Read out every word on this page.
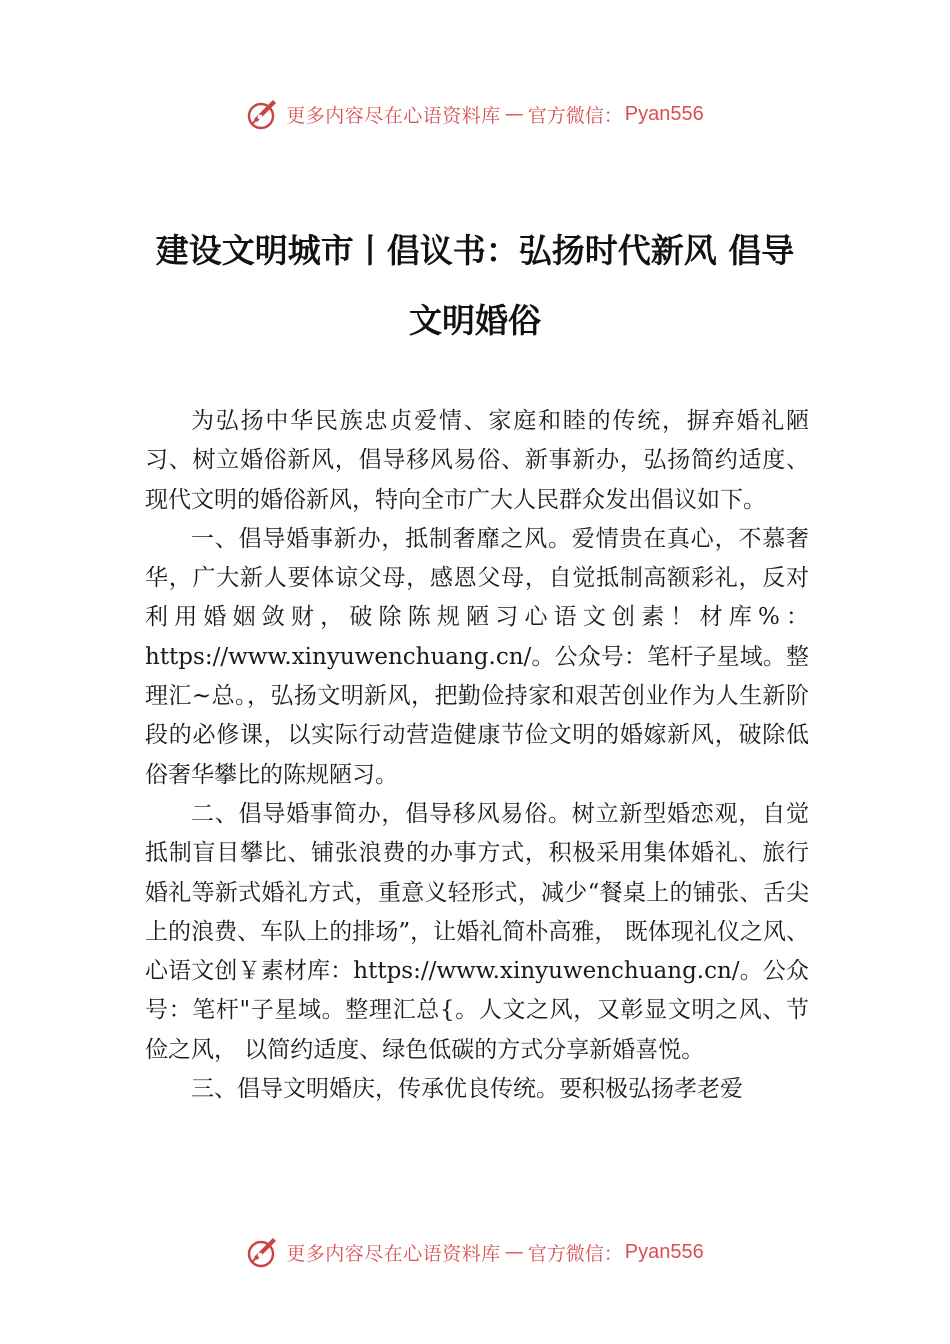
更多内容尽在心语资料库 — 官方微信： Pyan556
建设文明城市丨倡议书：弘扬时代新风 倡导文明婚俗

为弘扬中华民族忠贞爱情、家庭和睦的传统，摒弃婚礼陋习、树立婚俗新风，倡导移风易俗、新事新办，弘扬简约适度、现代文明的婚俗新风，特向全市广大人民群众发出倡议如下。

一、倡导婚事新办，抵制奢靡之风。爱情贵在真心，不慕奢华，广大新人要体谅父母，感恩父母，自觉抵制高额彩礼，反对利用婚姻敛财，破除陈规陋习心语文创素！材库%：https://www.xinyuwenchuang.cn/。公众号：笔杆子星域。整理汇~总。，弘扬文明新风，把勤俭持家和艰苦创业作为人生新阶段的必修课，以实际行动营造健康节俭文明的婚嫁新风，破除低俗奢华攀比的陈规陋习。

二、倡导婚事简办，倡导移风易俗。树立新型婚恋观，自觉抵制盲目攀比、铺张浪费的办事方式，积极采用集体婚礼、旅行婚礼等新式婚礼方式，重意义轻形式，减少“餐桌上的铺张、舌尖上的浪费、车队上的排场”，让婚礼简朴高雅， 既体现礼仪之风、心语文创￥素材库：https://www.xinyuwenchuang.cn/。公众号：笔杆"子星域。整理汇总{。人文之风，又彰显文明之风、节俭之风， 以简约适度、绿色低碳的方式分享新婚喜悦。

三、倡导文明婚庆，传承优良传统。要积极弘扬孝老爱

更多内容尽在心语资料库 — 官方微信： Pyan556
